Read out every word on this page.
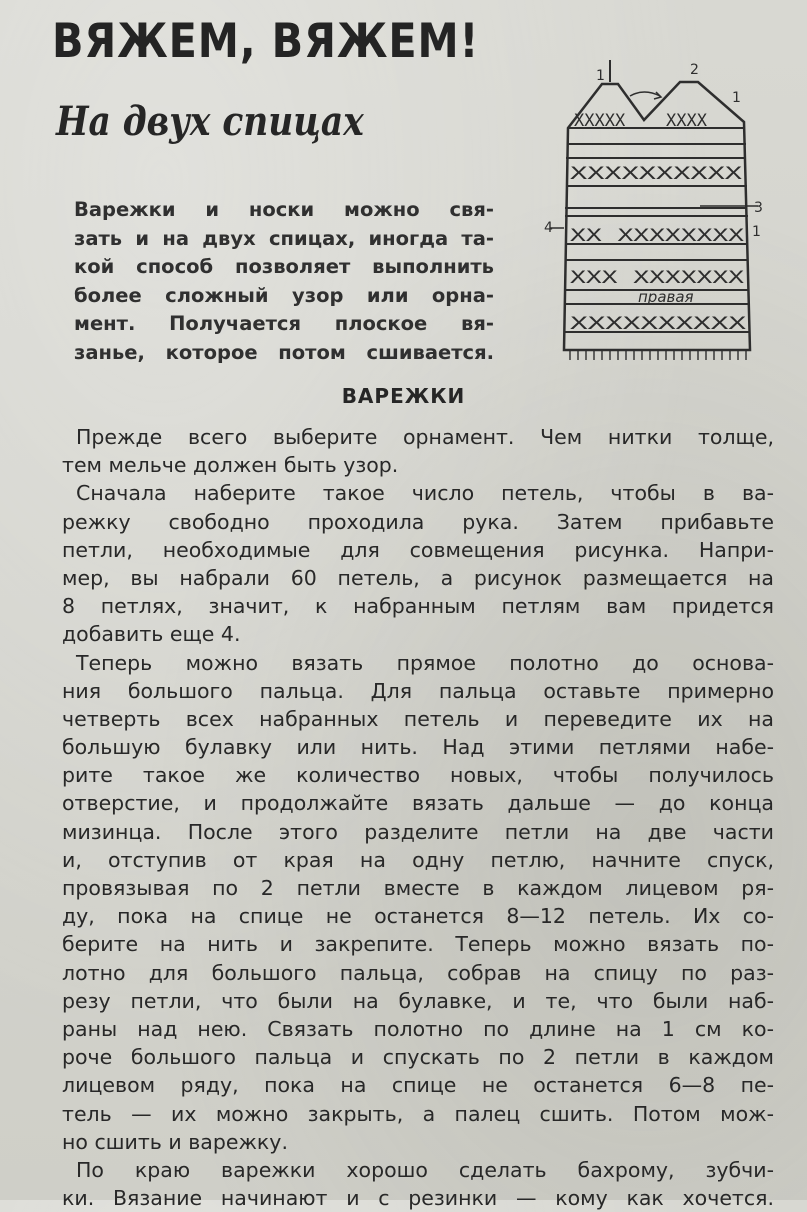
ВЯЖЕМ, ВЯЖЕМ!
На двух спицах
Варежки и носки можно свя-
зать и на двух спицах, иногда та-
кой способ позволяет выполнить
более сложный узор или орна-
мент. Получается плоское вя-
занье, которое потом сшивается.
XXXXX XXXX
XXXXXXXXXX
XX XXXXXXXX
XXX XXXXXXX
XXXXXXXXXX
1	2
1
3
4	1
правая
ВАРЕЖКИ
Прежде всего выберите орнамент. Чем нитки толще,
тем мельче должен быть узор.
Сначала наберите такое число петель, чтобы в ва-
режку свободно проходила рука. Затем прибавьте
петли, необходимые для совмещения рисунка. Напри-
мер, вы набрали 60 петель, а рисунок размещается на
8 петлях, значит, к набранным петлям вам придется
добавить еще 4.
Теперь можно вязать прямое полотно до основа-
ния большого пальца. Для пальца оставьте примерно
четверть всех набранных петель и переведите их на
большую булавку или нить. Над этими петлями набе-
рите такое же количество новых, чтобы получилось
отверстие, и продолжайте вязать дальше — до конца
мизинца. После этого разделите петли на две части
и, отступив от края на одну петлю, начните спуск,
провязывая по 2 петли вместе в каждом лицевом ря-
ду, пока на спице не останется 8—12 петель. Их со-
берите на нить и закрепите. Теперь можно вязать по-
лотно для большого пальца, собрав на спицу по раз-
резу петли, что были на булавке, и те, что были наб-
раны над нею. Связать полотно по длине на 1 см ко-
роче большого пальца и спускать по 2 петли в каждом
лицевом ряду, пока на спице не останется 6—8 пе-
тель — их можно закрыть, а палец сшить. Потом мож-
но сшить и варежку.
По краю варежки хорошо сделать бахрому, зубчи-
ки. Вязание начинают и с резинки — кому как хочется.
